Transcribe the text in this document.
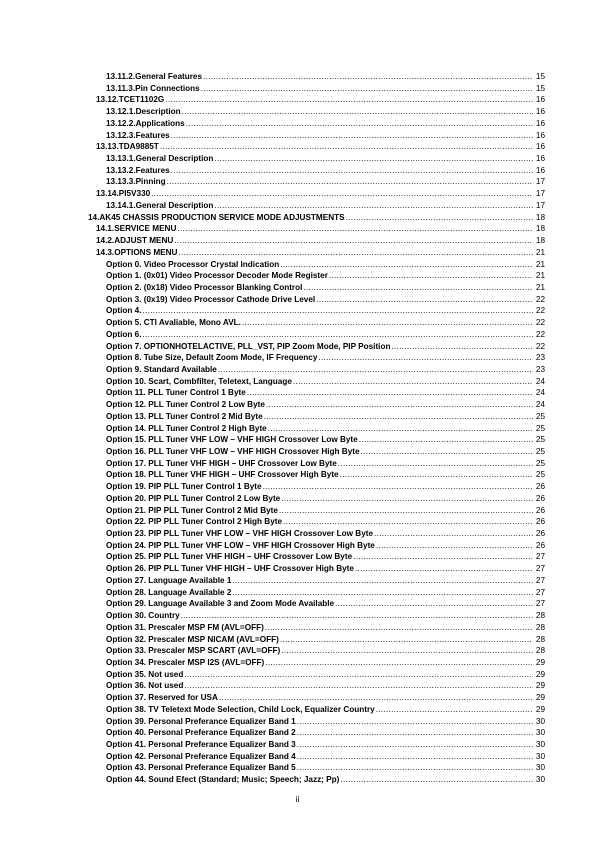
13.11.2.General Features .....	15
13.11.3.Pin Connections .....	15
13.12.TCET1102G .....	16
13.12.1.Description .....	16
13.12.2.Applications .....	16
13.12.3.Features .....	16
13.13.TDA9885T .....	16
13.13.1.General Description .....	16
13.13.2.Features .....	16
13.13.3.Pinning .....	17
13.14.PI5V330 .....	17
13.14.1.General Description .....	17
14.AK45 CHASSIS PRODUCTION SERVICE MODE ADJUSTMENTS .....	18
14.1.SERVICE MENU .....	18
14.2.ADJUST MENU .....	18
14.3.OPTIONS MENU .....	21
Option 0. Video Processor Crystal Indication .....	21
Option 1. (0x01) Video Processor Decoder Mode Register .....	21
Option 2. (0x18) Video Processor Blanking Control .....	21
Option 3. (0x19) Video Processor Cathode Drive Level .....	22
Option 4. .....	22
Option 5. CTI Avaliable, Mono AVL. .....	22
Option 6. .....	22
Option 7. OPTIONHOTELACTIVE, PLL_VST, PIP Zoom Mode, PIP Position .....	22
Option 8. Tube Size, Default Zoom Mode, IF Frequency .....	23
Option 9. Standard Available .....	23
Option 10. Scart, Combfilter, Teletext, Language .....	24
Option 11. PLL Tuner Control 1 Byte .....	24
Option 12. PLL Tuner Control 2 Low Byte .....	24
Option 13. PLL Tuner Control 2 Mid Byte .....	25
Option 14. PLL Tuner Control 2 High Byte .....	25
Option 15. PLL Tuner VHF LOW – VHF HIGH Crossover Low Byte .....	25
Option 16. PLL Tuner VHF LOW – VHF HIGH Crossover High Byte .....	25
Option 17. PLL Tuner VHF HIGH – UHF Crossover Low Byte .....	25
Option 18. PLL Tuner VHF HIGH – UHF Crossover High Byte .....	25
Option 19. PIP PLL Tuner Control 1 Byte .....	26
Option 20. PIP PLL Tuner Control 2 Low Byte .....	26
Option 21. PIP PLL Tuner Control 2 Mid Byte .....	26
Option 22. PIP PLL Tuner Control 2 High Byte .....	26
Option 23. PIP PLL Tuner VHF LOW – VHF HIGH Crossover Low Byte .....	26
Option 24. PIP PLL Tuner VHF LOW – VHF HIGH Crossover High Byte .....	26
Option 25. PIP PLL Tuner VHF HIGH – UHF Crossover Low Byte .....	27
Option 26. PIP PLL Tuner VHF HIGH – UHF Crossover High Byte .....	27
Option 27. Language Available 1 .....	27
Option 28. Language Available 2 .....	27
Option 29. Language Available 3 and Zoom Mode Available .....	27
Option 30. Country .....	28
Option 31. Prescaler MSP FM (AVL=OFF) .....	28
Option 32. Prescaler MSP NICAM (AVL=OFF) .....	28
Option 33. Prescaler MSP SCART (AVL=OFF) .....	28
Option 34. Prescaler MSP I2S (AVL=OFF) .....	29
Option 35. Not used .....	29
Option 36. Not used .....	29
Option 37. Reserved for USA .....	29
Option 38. TV Teletext Mode Selection, Child Lock, Equalizer Country .....	29
Option 39. Personal Preferance Equalizer Band 1 .....	30
Option 40. Personal Preferance Equalizer Band 2 .....	30
Option 41. Personal Preferance Equalizer Band 3 .....	30
Option 42. Personal Preferance Equalizer Band 4 .....	30
Option 43. Personal Preferance Equalizer Band 5 .....	30
Option 44. Sound Efect (Standard; Music; Speech; Jazz; Pp) .....	30
ii
